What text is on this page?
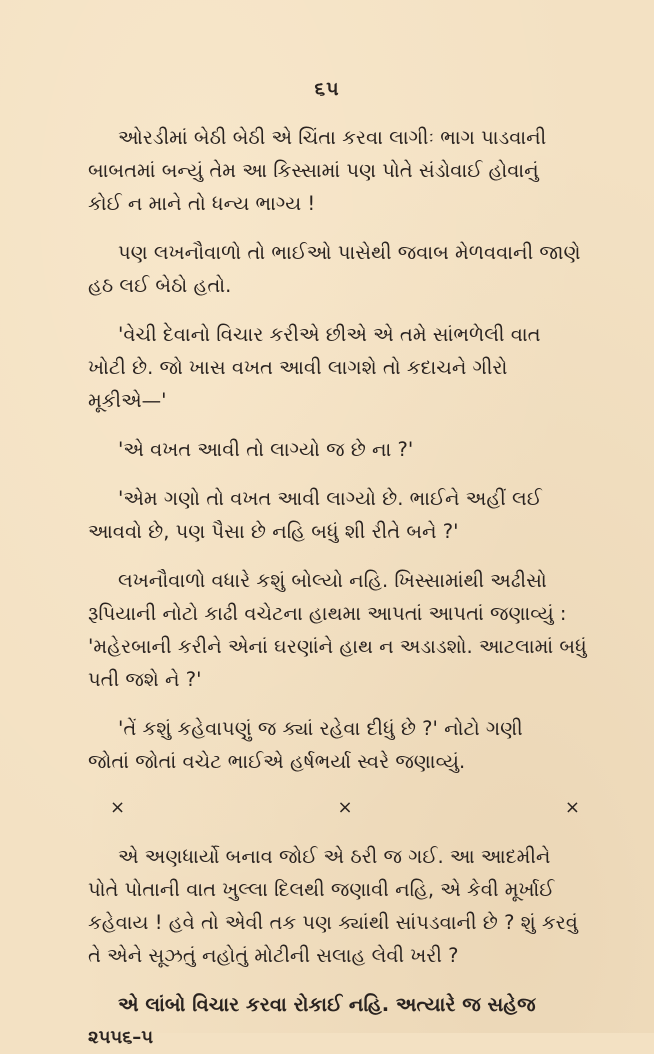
૬૫

ઓરડીમાં બેઠી બેઠી એ ચિંતા કરવા લાગીઃ ભાગ પાડવાની
બાબતમાં બન્યું તેમ આ કિસ્સામાં પણ પોતે સંડોવાઈ હોવાનું
કોઈ ન માને તો ધન્ય ભાગ્ય !

પણ લખનૌવાળો તો ભાઈઓ પાસેથી જવાબ મેળવવાની જાણે
હઠ લઈ બેઠો હતો.

'વેચી દેવાનો વિચાર કરીએ છીએ એ તમે સાંભળેલી વાત
ખોટી છે. જો ખાસ વખત આવી લાગશે તો કદાચને ગીરો
મૂકીએ—'

'એ વખત આવી તો લાગ્યો જ છે ના ?'

'એમ ગણો તો વખત આવી લાગ્યો છે. ભાઈને અહીં લઈ
આવવો છે, પણ પૈસા છે નહિ બધું શી રીતે બને ?'

લખનૌવાળો વધારે કશું બોલ્યો નહિ. ખિસ્સામાંથી અઢીસો
રૂપિયાની નોટો કાઢી વચેટના હાથમા આપતાં આપતાં જણાવ્યું :
'મહેરબાની કરીને એનાં ઘરણાંને હાથ ન અડાડશો. આટલામાં બધું
પતી જશે ને ?'

'તેં કશું કહેવાપણું જ ક્યાં રહેવા દીધું છે ?' નોટો ગણી
જોતાં જોતાં વચેટ ભાઈએ હર્ષભર્યા સ્વરે જણાવ્યું.

×	×	×

એ અણધાર્યો બનાવ જોઈ એ ઠરી જ ગઈ. આ આદમીને
પોતે પોતાની વાત ખુલ્લા દિલથી જણાવી નહિ, એ કેવી મૂર્ખાઈ
કહેવાય ! હવે તો એવી તક પણ ક્યાંથી સાંપડવાની છે ? શું કરવું
તે એને સૂઝતું નહોતું મોટીની સલાહ લેવી ખરી ?

એ લાંબો વિચાર કરવા રોકાઈ નહિ. અત્યારે જ સહેજ
૨૫૫૬–૫
